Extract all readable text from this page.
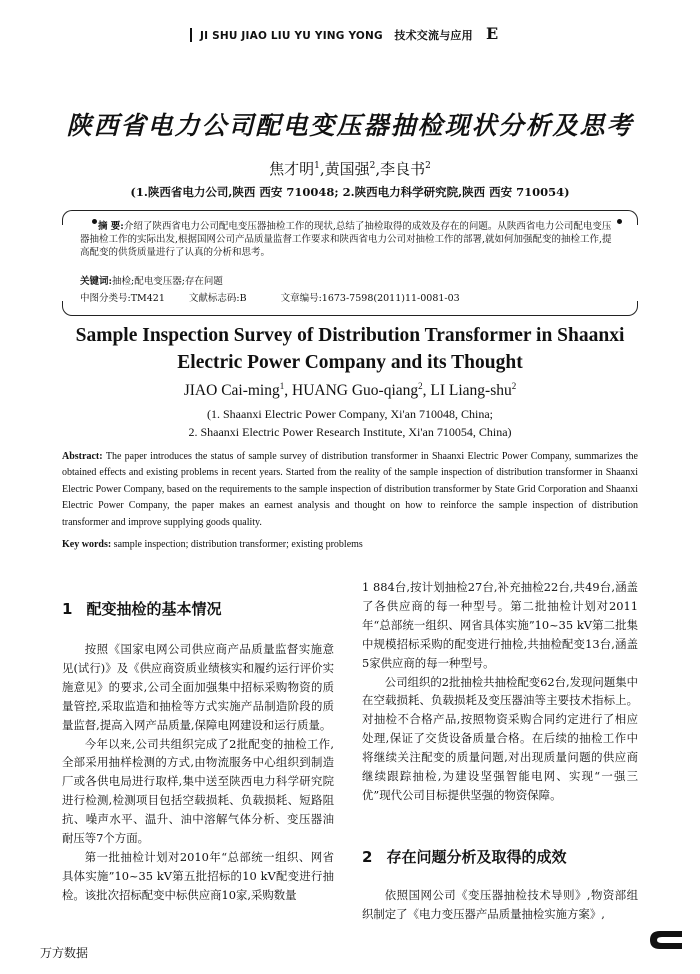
JI SHU JIAO LIU YU YING YONG 技术交流与应用 E
陕西省电力公司配电变压器抽检现状分析及思考
焦才明$^1$,黄国强$^2$,李良书$^2$
(1.陕西省电力公司,陕西 西安 710048; 2.陕西电力科学研究院,陕西 西安 710054)
摘 要:介绍了陕西省电力公司配电变压器抽检工作的现状,总结了抽检取得的成效及存在的问题。从陕西省电力公司配电变压器抽检工作的实际出发,根据国网公司产品质量监督工作要求和陕西省电力公司对抽检工作的部署,就如何加强配变的抽检工作,提高配变的供货质量进行了认真的分析和思考。
关键词:抽检;配电变压器;存在问题
中图分类号:TM421	文献标志码:B	文章编号:1673-7598(2011)11-0081-03
Sample Inspection Survey of Distribution Transformer in Shaanxi
Electric Power Company and its Thought
JIAO Cai-ming$^1$, HUANG Guo-qiang$^2$, LI Liang-shu$^2$
(1. Shaanxi Electric Power Company, Xi'an 710048, China;
2. Shaanxi Electric Power Research Institute, Xi'an 710054, China)
Abstract: The paper introduces the status of sample survey of distribution transformer in Shaanxi Electric Power Company, summarizes the obtained effects and existing problems in recent years. Started from the reality of the sample inspection of distribution transformer in Shaanxi Electric Power Company, based on the requirements to the sample inspection of distribution transformer by State Grid Corporation and Shaanxi Electric Power Company, the paper makes an earnest analysis and thought on how to reinforce the sample inspection of distribution transformer and improve supplying goods quality.
Key words: sample inspection; distribution transformer; existing problems
1 配变抽检的基本情况

按照《国家电网公司供应商产品质量监督实施意见(试行)》及《供应商资质业绩核实和履约运行评价实施意见》的要求,公司全面加强集中招标采购物资的质量管控,采取监造和抽检等方式实施产品制造阶段的质量监督,提高入网产品质量,保障电网建设和运行质量。

今年以来,公司共组织完成了2批配变的抽检工作,全部采用抽样检测的方式,由物流服务中心组织到制造厂或各供电局进行取样,集中送至陕西电力科学研究院进行检测,检测项目包括空载损耗、负载损耗、短路阻抗、噪声水平、温升、油中溶解气体分析、变压器油耐压等7个方面。

第一批抽检计划对2010年“总部统一组织、网省具体实施”10~35 kV第五批招标的10 kV配变进行抽检。该批次招标配变中标供应商10家,采购数量

1 884台,按计划抽检27台,补充抽检22台,共49台,涵盖了各供应商的每一种型号。第二批抽检计划对2011年“总部统一组织、网省具体实施”10~35 kV第二批集中规模招标采购的配变进行抽检,共抽检配变13台,涵盖5家供应商的每一种型号。

公司组织的2批抽检共抽检配变62台,发现问题集中在空载损耗、负载损耗及变压器油等主要技术指标上。对抽检不合格产品,按照物资采购合同约定进行了相应处理,保证了交货设备质量合格。在后续的抽检工作中将继续关注配变的质量问题,对出现质量问题的供应商继续跟踪抽检,为建设坚强智能电网、实现“一强三优”现代公司目标提供坚强的物资保障。

2 存在问题分析及取得的成效

依照国网公司《变压器抽检技术导则》,物资部组织制定了《电力变压器产品质量抽检实施方案》,

万方数据
